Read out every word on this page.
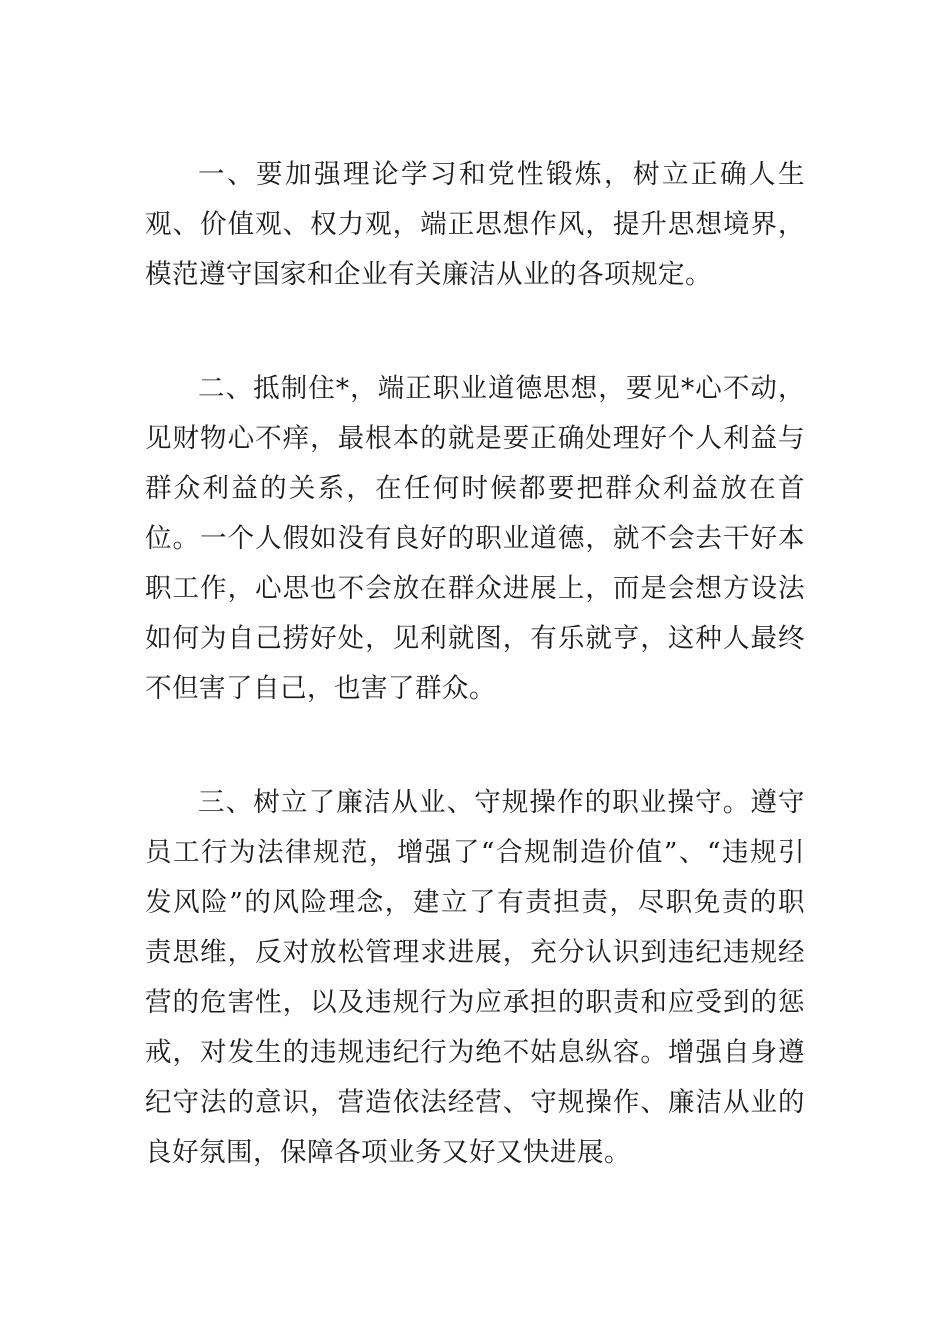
一、要加强理论学习和党性锻炼，树立正确人生观、价值观、权力观，端正思想作风，提升思想境界，模范遵守国家和企业有关廉洁从业的各项规定。

二、抵制住*，端正职业道德思想，要见*心不动，见财物心不痒，最根本的就是要正确处理好个人利益与群众利益的关系，在任何时候都要把群众利益放在首位。一个人假如没有良好的职业道德，就不会去干好本职工作，心思也不会放在群众进展上，而是会想方设法如何为自己捞好处，见利就图，有乐就亨，这种人最终不但害了自己，也害了群众。

三、树立了廉洁从业、守规操作的职业操守。遵守员工行为法律规范，增强了“合规制造价值”、“违规引发风险”的风险理念，建立了有责担责，尽职免责的职责思维，反对放松管理求进展，充分认识到违纪违规经营的危害性，以及违规行为应承担的职责和应受到的惩戒，对发生的违规违纪行为绝不姑息纵容。增强自身遵纪守法的意识，营造依法经营、守规操作、廉洁从业的良好氛围，保障各项业务又好又快进展。
